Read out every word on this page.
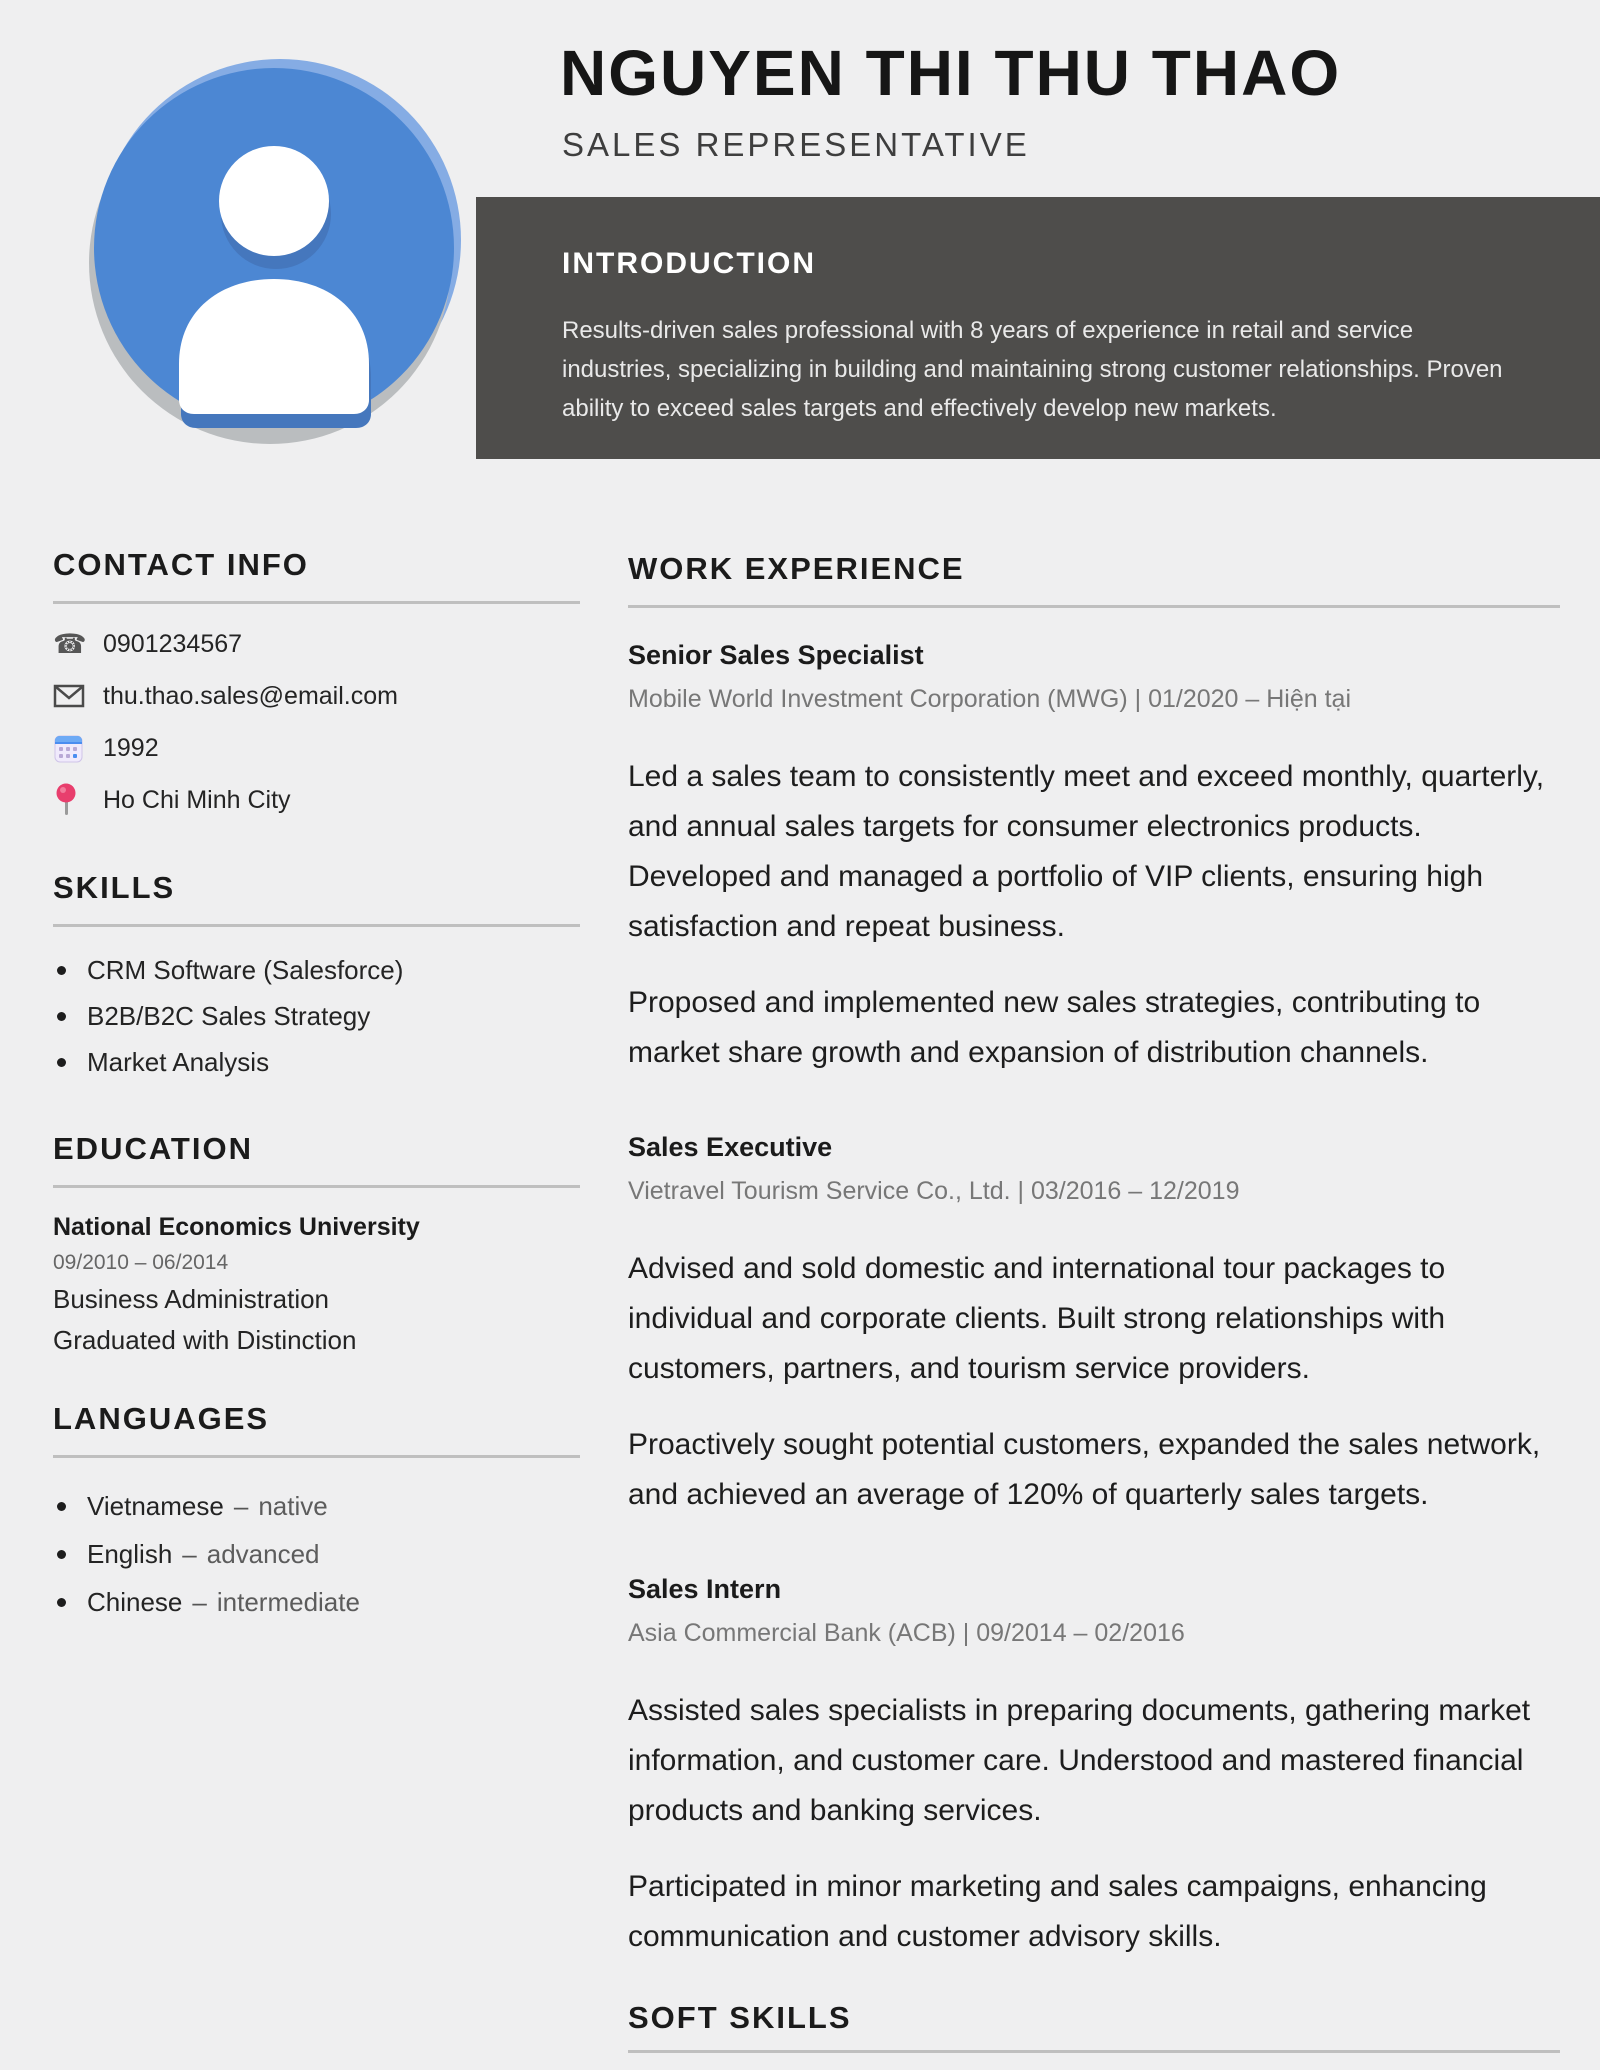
NGUYEN THI THU THAO
SALES REPRESENTATIVE
INTRODUCTION

Results-driven sales professional with 8 years of experience in retail and service industries, specializing in building and maintaining strong customer relationships. Proven ability to exceed sales targets and effectively develop new markets.

CONTACT INFO
☎ 0901234567
thu.thao.sales@email.com
1992
Ho Chi Minh City
SKILLS
CRM Software (Salesforce)
B2B/B2C Sales Strategy
Market Analysis
EDUCATION
National Economics University
09/2010 – 06/2014
Business Administration
Graduated with Distinction
LANGUAGES
Vietnamese – native
English – advanced
Chinese – intermediate
WORK EXPERIENCE
Senior Sales Specialist
Mobile World Investment Corporation (MWG) | 01/2020 – Hiện tại

Led a sales team to consistently meet and exceed monthly, quarterly, and annual sales targets for consumer electronics products. Developed and managed a portfolio of VIP clients, ensuring high satisfaction and repeat business.

Proposed and implemented new sales strategies, contributing to market share growth and expansion of distribution channels.

Sales Executive
Vietravel Tourism Service Co., Ltd. | 03/2016 – 12/2019

Advised and sold domestic and international tour packages to individual and corporate clients. Built strong relationships with customers, partners, and tourism service providers.

Proactively sought potential customers, expanded the sales network, and achieved an average of 120% of quarterly sales targets.

Sales Intern
Asia Commercial Bank (ACB) | 09/2014 – 02/2016

Assisted sales specialists in preparing documents, gathering market information, and customer care. Understood and mastered financial products and banking services.

Participated in minor marketing and sales campaigns, enhancing communication and customer advisory skills.

SOFT SKILLS
